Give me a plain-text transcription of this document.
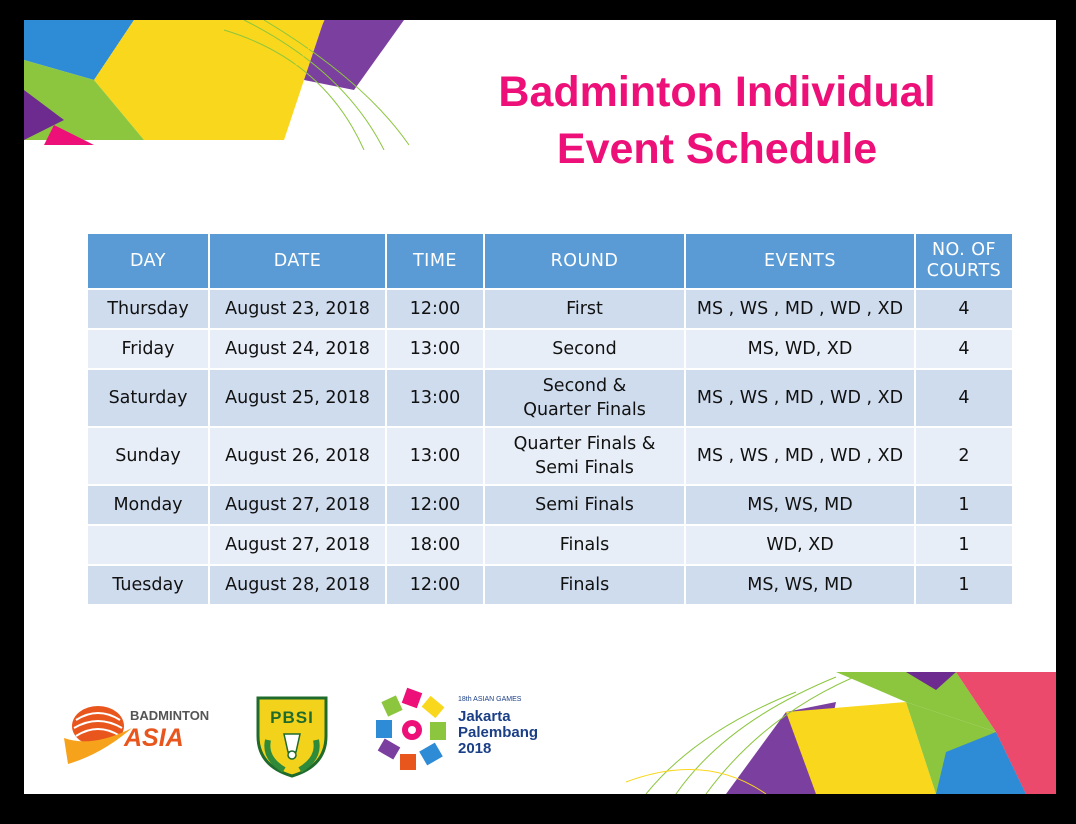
Badminton Individual
Event Schedule
DAY	DATE	TIME	ROUND	EVENTS	NO. OF
COURTS
Thursday	August 23, 2018	12:00	First	MS , WS , MD , WD , XD	4
Friday	August 24, 2018	13:00	Second	MS, WD, XD	4
Saturday	August 25, 2018	13:00	Second &
Quarter Finals	MS , WS , MD , WD , XD	4
Sunday	August 26, 2018	13:00	Quarter Finals &
Semi Finals	MS , WS , MD , WD , XD	2
Monday	August 27, 2018	12:00	Semi Finals	MS, WS, MD	1
	August 27, 2018	18:00	Finals	WD, XD	1
Tuesday	August 28, 2018	12:00	Finals	MS, WS, MD	1
BADMINTON
ASIA
PBSI
18th ASIAN GAMES
Jakarta
Palembang
2018
